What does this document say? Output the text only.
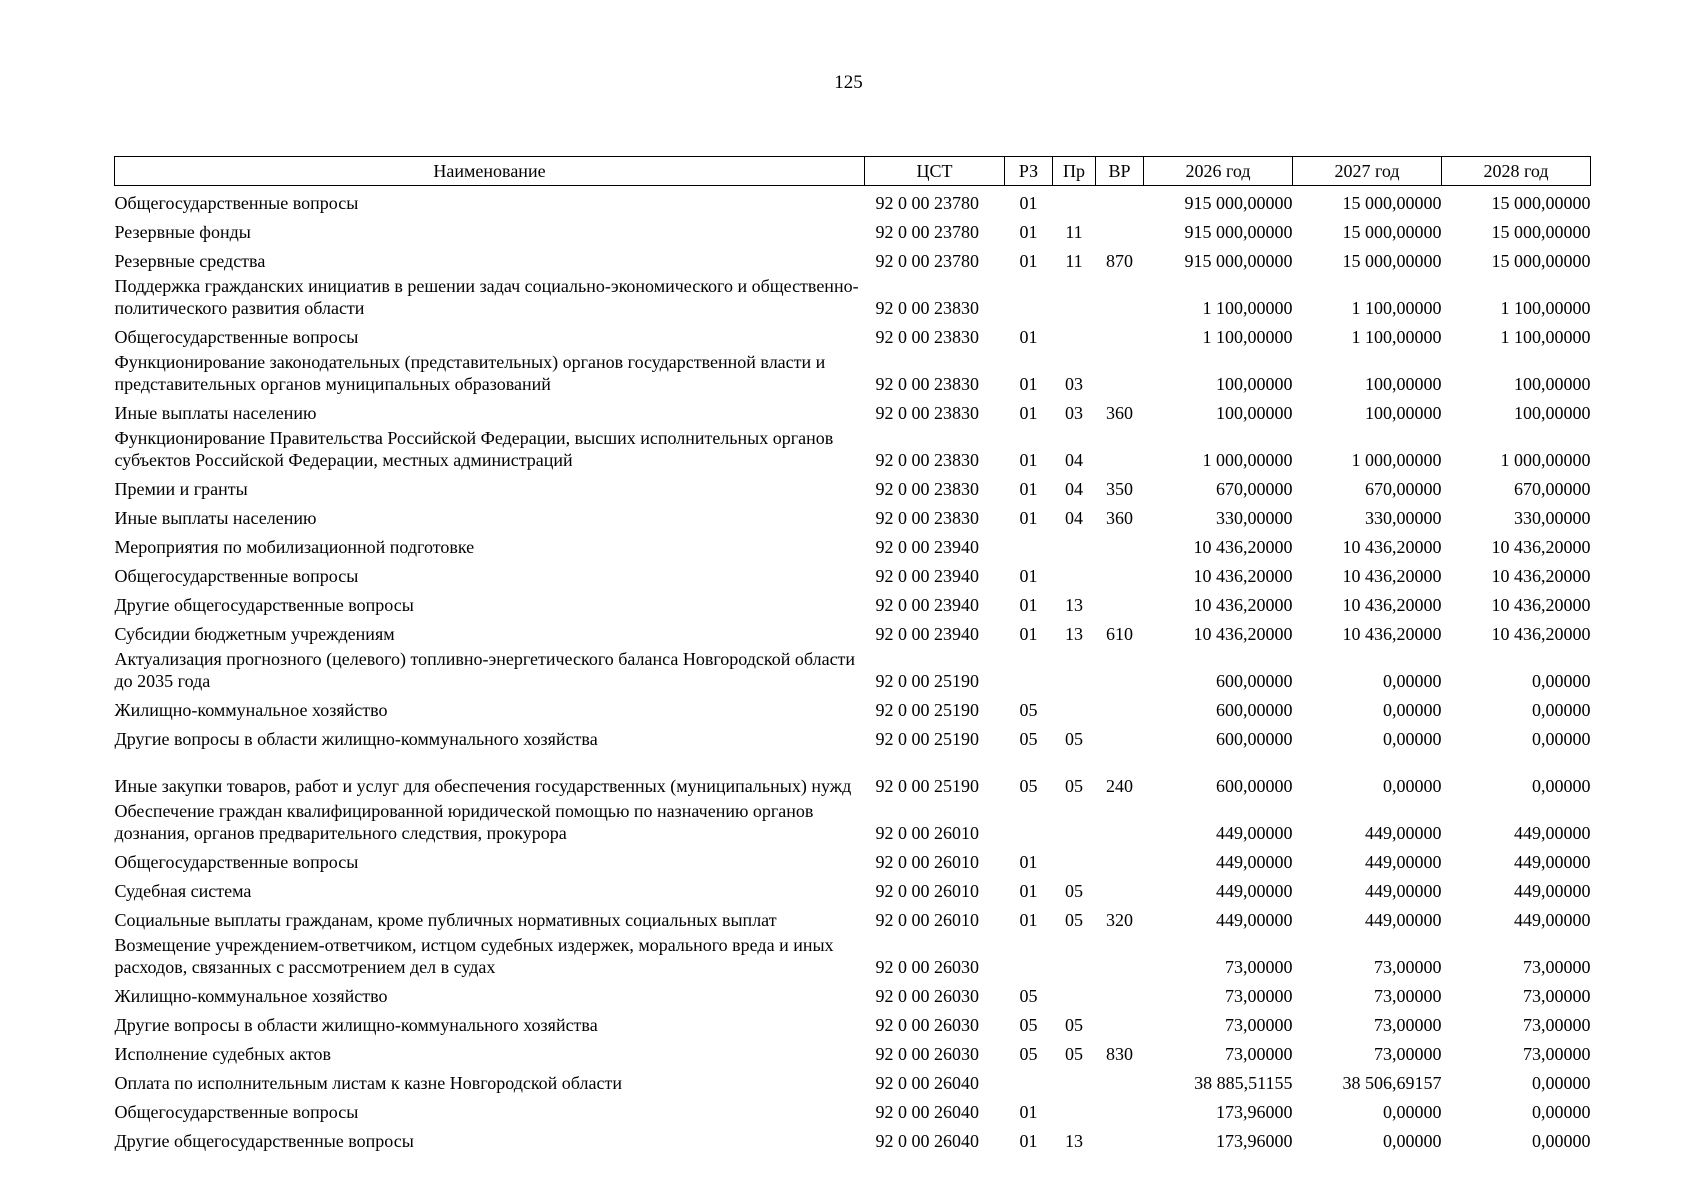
125
Наименование	ЦСТ	РЗ	Пр	ВР	2026 год	2027 год	2028 год
Общегосударственные вопросы	92 0 00 23780	01			915 000,00000	15 000,00000	15 000,00000
Резервные фонды	92 0 00 23780	01	11		915 000,00000	15 000,00000	15 000,00000
Резервные средства	92 0 00 23780	01	11	870	915 000,00000	15 000,00000	15 000,00000
Поддержка гражданских инициатив в решении задач социально-экономического и общественно-политического развития области	92 0 00 23830				1 100,00000	1 100,00000	1 100,00000
Общегосударственные вопросы	92 0 00 23830	01			1 100,00000	1 100,00000	1 100,00000
Функционирование законодательных (представительных) органов государственной власти и представительных органов муниципальных образований	92 0 00 23830	01	03		100,00000	100,00000	100,00000
Иные выплаты населению	92 0 00 23830	01	03	360	100,00000	100,00000	100,00000
Функционирование Правительства Российской Федерации, высших исполнительных органов субъектов Российской Федерации, местных администраций	92 0 00 23830	01	04		1 000,00000	1 000,00000	1 000,00000
Премии и гранты	92 0 00 23830	01	04	350	670,00000	670,00000	670,00000
Иные выплаты населению	92 0 00 23830	01	04	360	330,00000	330,00000	330,00000
Мероприятия по мобилизационной подготовке	92 0 00 23940				10 436,20000	10 436,20000	10 436,20000
Общегосударственные вопросы	92 0 00 23940	01			10 436,20000	10 436,20000	10 436,20000
Другие общегосударственные вопросы	92 0 00 23940	01	13		10 436,20000	10 436,20000	10 436,20000
Субсидии бюджетным учреждениям	92 0 00 23940	01	13	610	10 436,20000	10 436,20000	10 436,20000
Актуализация прогнозного (целевого) топливно-энергетического баланса Новгородской области до 2035 года	92 0 00 25190				600,00000	0,00000	0,00000
Жилищно-коммунальное хозяйство	92 0 00 25190	05			600,00000	0,00000	0,00000
Другие вопросы в области жилищно-коммунального хозяйства	92 0 00 25190	05	05		600,00000	0,00000	0,00000
Иные закупки товаров, работ и услуг для обеспечения государственных (муниципальных) нужд	92 0 00 25190	05	05	240	600,00000	0,00000	0,00000
Обеспечение граждан квалифицированной юридической помощью по назначению органов дознания, органов предварительного следствия, прокурора	92 0 00 26010				449,00000	449,00000	449,00000
Общегосударственные вопросы	92 0 00 26010	01			449,00000	449,00000	449,00000
Судебная система	92 0 00 26010	01	05		449,00000	449,00000	449,00000
Социальные выплаты гражданам, кроме публичных нормативных социальных выплат	92 0 00 26010	01	05	320	449,00000	449,00000	449,00000
Возмещение учреждением-ответчиком, истцом судебных издержек, морального вреда и иных расходов, связанных с рассмотрением дел в судах	92 0 00 26030				73,00000	73,00000	73,00000
Жилищно-коммунальное хозяйство	92 0 00 26030	05			73,00000	73,00000	73,00000
Другие вопросы в области жилищно-коммунального хозяйства	92 0 00 26030	05	05		73,00000	73,00000	73,00000
Исполнение судебных актов	92 0 00 26030	05	05	830	73,00000	73,00000	73,00000
Оплата по исполнительным листам к казне Новгородской области	92 0 00 26040				38 885,51155	38 506,69157	0,00000
Общегосударственные вопросы	92 0 00 26040	01			173,96000	0,00000	0,00000
Другие общегосударственные вопросы	92 0 00 26040	01	13		173,96000	0,00000	0,00000
